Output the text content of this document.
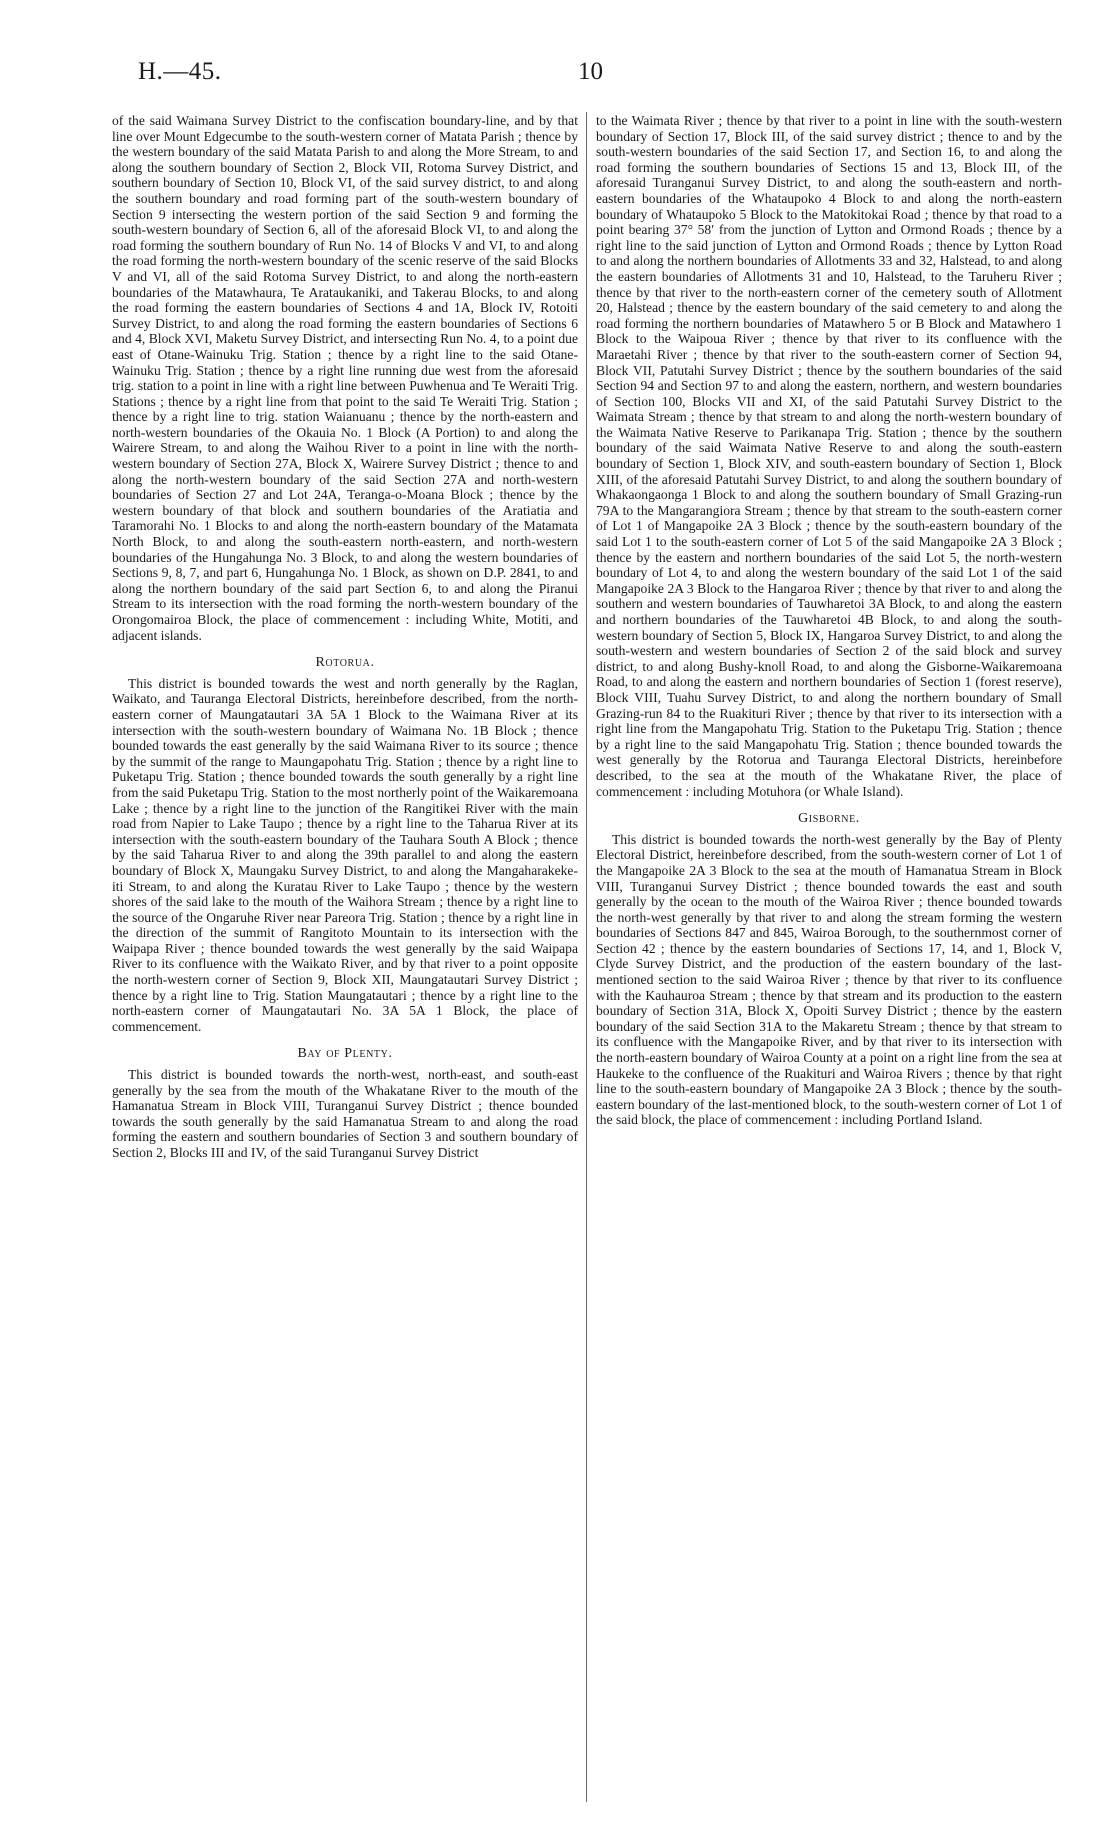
H.—45.	10

of the said Waimana Survey District to the confiscation boundary-line, and by that line over Mount Edgecumbe to the south-western corner of Matata Parish ; thence by the western boundary of the said Matata Parish to and along the More Stream, to and along the southern boundary of Section 2, Block VII, Rotoma Survey District, and southern boundary of Section 10, Block VI, of the said survey district, to and along the southern boundary and road forming part of the south-western boundary of Section 9 intersecting the western portion of the said Section 9 and forming the south-western boundary of Section 6, all of the aforesaid Block VI, to and along the road forming the southern boundary of Run No. 14 of Blocks V and VI, to and along the road forming the north-western boundary of the scenic reserve of the said Blocks V and VI, all of the said Rotoma Survey District, to and along the north-eastern boundaries of the Matawhaura, Te Arataukaniki, and Takerau Blocks, to and along the road forming the eastern boundaries of Sections 4 and 1A, Block IV, Rotoiti Survey District, to and along the road forming the eastern boundaries of Sections 6 and 4, Block XVI, Maketu Survey District, and intersecting Run No. 4, to a point due east of Otane-Wainuku Trig. Station ; thence by a right line to the said Otane-Wainuku Trig. Station ; thence by a right line running due west from the aforesaid trig. station to a point in line with a right line between Puwhenua and Te Weraiti Trig. Stations ; thence by a right line from that point to the said Te Weraiti Trig. Station ; thence by a right line to trig. station Waianuanu ; thence by the north-eastern and north-western boundaries of the Okauia No. 1 Block (A Portion) to and along the Wairere Stream, to and along the Waihou River to a point in line with the north-western boundary of Section 27A, Block X, Wairere Survey District ; thence to and along the north-western boundary of the said Section 27A and north-western boundaries of Section 27 and Lot 24A, Teranga-o-Moana Block ; thence by the western boundary of that block and southern boundaries of the Aratiatia and Taramorahi No. 1 Blocks to and along the north-eastern boundary of the Matamata North Block, to and along the south-eastern north-eastern, and north-western boundaries of the Hungahunga No. 3 Block, to and along the western boundaries of Sections 9, 8, 7, and part 6, Hungahunga No. 1 Block, as shown on D.P. 2841, to and along the northern boundary of the said part Section 6, to and along the Piranui Stream to its intersection with the road forming the north-western boundary of the Orongomairoa Block, the place of commencement : including White, Motiti, and adjacent islands.

Rotorua.

This district is bounded towards the west and north generally by the Raglan, Waikato, and Tauranga Electoral Districts, hereinbefore described, from the north-eastern corner of Maungatautari 3A 5A 1 Block to the Waimana River at its intersection with the south-western boundary of Waimana No. 1B Block ; thence bounded towards the east generally by the said Waimana River to its source ; thence by the summit of the range to Maungapohatu Trig. Station ; thence by a right line to Puketapu Trig. Station ; thence bounded towards the south generally by a right line from the said Puketapu Trig. Station to the most northerly point of the Waikaremoana Lake ; thence by a right line to the junction of the Rangitikei River with the main road from Napier to Lake Taupo ; thence by a right line to the Taharua River at its intersection with the south-eastern boundary of the Tauhara South A Block ; thence by the said Taharua River to and along the 39th parallel to and along the eastern boundary of Block X, Maungaku Survey District, to and along the Mangaharakeke-iti Stream, to and along the Kuratau River to Lake Taupo ; thence by the western shores of the said lake to the mouth of the Waihora Stream ; thence by a right line to the source of the Ongaruhe River near Pareora Trig. Station ; thence by a right line in the direction of the summit of Rangitoto Mountain to its intersection with the Waipapa River ; thence bounded towards the west generally by the said Waipapa River to its confluence with the Waikato River, and by that river to a point opposite the north-western corner of Section 9, Block XII, Maungatautari Survey District ; thence by a right line to Trig. Station Maungatautari ; thence by a right line to the north-eastern corner of Maungatautari No. 3A 5A 1 Block, the place of commencement.

Bay of Plenty.

This district is bounded towards the north-west, north-east, and south-east generally by the sea from the mouth of the Whakatane River to the mouth of the Hamanatua Stream in Block VIII, Turanganui Survey District ; thence bounded towards the south generally by the said Hamanatua Stream to and along the road forming the eastern and southern boundaries of Section 3 and southern boundary of Section 2, Blocks III and IV, of the said Turanganui Survey District

to the Waimata River ; thence by that river to a point in line with the south-western boundary of Section 17, Block III, of the said survey district ; thence to and by the south-western boundaries of the said Section 17, and Section 16, to and along the road forming the southern boundaries of Sections 15 and 13, Block III, of the aforesaid Turanganui Survey District, to and along the south-eastern and north-eastern boundaries of the Whataupoko 4 Block to and along the north-eastern boundary of Whataupoko 5 Block to the Matokitokai Road ; thence by that road to a point bearing 37° 58′ from the junction of Lytton and Ormond Roads ; thence by a right line to the said junction of Lytton and Ormond Roads ; thence by Lytton Road to and along the northern boundaries of Allotments 33 and 32, Halstead, to and along the eastern boundaries of Allotments 31 and 10, Halstead, to the Taruheru River ; thence by that river to the north-eastern corner of the cemetery south of Allotment 20, Halstead ; thence by the eastern boundary of the said cemetery to and along the road forming the northern boundaries of Matawhero 5 or B Block and Matawhero 1 Block to the Waipoua River ; thence by that river to its confluence with the Maraetahi River ; thence by that river to the south-eastern corner of Section 94, Block VII, Patutahi Survey District ; thence by the southern boundaries of the said Section 94 and Section 97 to and along the eastern, northern, and western boundaries of Section 100, Blocks VII and XI, of the said Patutahi Survey District to the Waimata Stream ; thence by that stream to and along the north-western boundary of the Waimata Native Reserve to Parikanapa Trig. Station ; thence by the southern boundary of the said Waimata Native Reserve to and along the south-eastern boundary of Section 1, Block XIV, and south-eastern boundary of Section 1, Block XIII, of the aforesaid Patutahi Survey District, to and along the southern boundary of Whakaongaonga 1 Block to and along the southern boundary of Small Grazing-run 79A to the Mangarangiora Stream ; thence by that stream to the south-eastern corner of Lot 1 of Mangapoike 2A 3 Block ; thence by the south-eastern boundary of the said Lot 1 to the south-eastern corner of Lot 5 of the said Mangapoike 2A 3 Block ; thence by the eastern and northern boundaries of the said Lot 5, the north-western boundary of Lot 4, to and along the western boundary of the said Lot 1 of the said Mangapoike 2A 3 Block to the Hangaroa River ; thence by that river to and along the southern and western boundaries of Tauwharetoi 3A Block, to and along the eastern and northern boundaries of the Tauwharetoi 4B Block, to and along the south-western boundary of Section 5, Block IX, Hangaroa Survey District, to and along the south-western and western boundaries of Section 2 of the said block and survey district, to and along Bushy-knoll Road, to and along the Gisborne-Waikaremoana Road, to and along the eastern and northern boundaries of Section 1 (forest reserve), Block VIII, Tuahu Survey District, to and along the northern boundary of Small Grazing-run 84 to the Ruakituri River ; thence by that river to its intersection with a right line from the Mangapohatu Trig. Station to the Puketapu Trig. Station ; thence by a right line to the said Mangapohatu Trig. Station ; thence bounded towards the west generally by the Rotorua and Tauranga Electoral Districts, hereinbefore described, to the sea at the mouth of the Whakatane River, the place of commencement : including Motuhora (or Whale Island).

Gisborne.

This district is bounded towards the north-west generally by the Bay of Plenty Electoral District, hereinbefore described, from the south-western corner of Lot 1 of the Mangapoike 2A 3 Block to the sea at the mouth of Hamanatua Stream in Block VIII, Turanganui Survey District ; thence bounded towards the east and south generally by the ocean to the mouth of the Wairoa River ; thence bounded towards the north-west generally by that river to and along the stream forming the western boundaries of Sections 847 and 845, Wairoa Borough, to the southernmost corner of Section 42 ; thence by the eastern boundaries of Sections 17, 14, and 1, Block V, Clyde Survey District, and the production of the eastern boundary of the last-mentioned section to the said Wairoa River ; thence by that river to its confluence with the Kauhauroa Stream ; thence by that stream and its production to the eastern boundary of Section 31A, Block X, Opoiti Survey District ; thence by the eastern boundary of the said Section 31A to the Makaretu Stream ; thence by that stream to its confluence with the Mangapoike River, and by that river to its intersection with the north-eastern boundary of Wairoa County at a point on a right line from the sea at Haukeke to the confluence of the Ruakituri and Wairoa Rivers ; thence by that right line to the south-eastern boundary of Mangapoike 2A 3 Block ; thence by the south-eastern boundary of the last-mentioned block, to the south-western corner of Lot 1 of the said block, the place of commencement : including Portland Island.
